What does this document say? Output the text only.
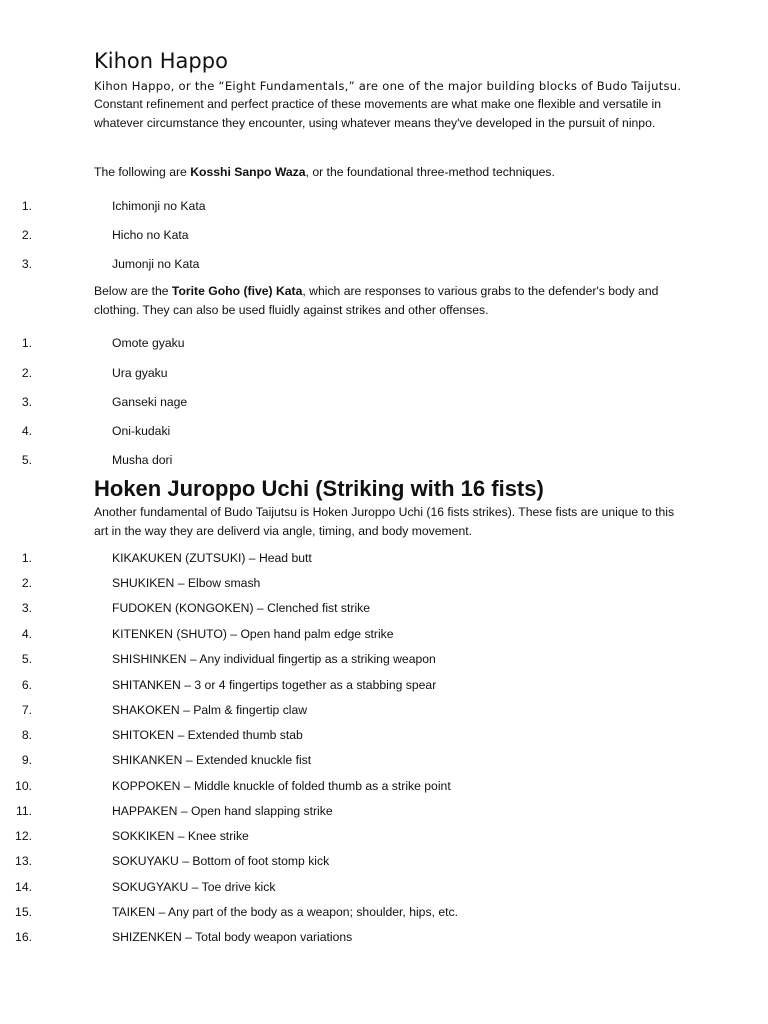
Kihon Happo

Kihon Happo, or the “Eight Fundamentals,” are one of the major building blocks of Budo Taijutsu.

Constant refinement and perfect practice of these movements are what make one flexible and versatile in whatever circumstance they encounter, using whatever means they've developed in the pursuit of ninpo.

The following are Kosshi Sanpo Waza, or the foundational three-method techniques.

1.	Ichimonji no Kata
2.	Hicho no Kata
3.	Jumonji no Kata

Below are the Torite Goho (five) Kata, which are responses to various grabs to the defender's body and clothing. They can also be used fluidly against strikes and other offenses.

1.	Omote gyaku
2.	Ura gyaku
3.	Ganseki nage
4.	Oni-kudaki
5.	Musha dori
Hoken Juroppo Uchi (Striking with 16 fists)

Another fundamental of Budo Taijutsu is Hoken Juroppo Uchi (16 fists strikes). These fists are unique to this art in the way they are deliverd via angle, timing, and body movement.

1.	KIKAKUKEN (ZUTSUKI) – Head butt
2.	SHUKIKEN – Elbow smash
3.	FUDOKEN (KONGOKEN) – Clenched fist strike
4.	KITENKEN (SHUTO) – Open hand palm edge strike
5.	SHISHINKEN – Any individual fingertip as a striking weapon
6.	SHITANKEN – 3 or 4 fingertips together as a stabbing spear
7.	SHAKOKEN – Palm & fingertip claw
8.	SHITOKEN – Extended thumb stab
9.	SHIKANKEN – Extended knuckle fist
10.	KOPPOKEN – Middle knuckle of folded thumb as a strike point
11.	HAPPAKEN – Open hand slapping strike
12.	SOKKIKEN – Knee strike
13.	SOKUYAKU – Bottom of foot stomp kick
14.	SOKUGYAKU – Toe drive kick
15.	TAIKEN – Any part of the body as a weapon; shoulder, hips, etc.
16.	SHIZENKEN – Total body weapon variations
